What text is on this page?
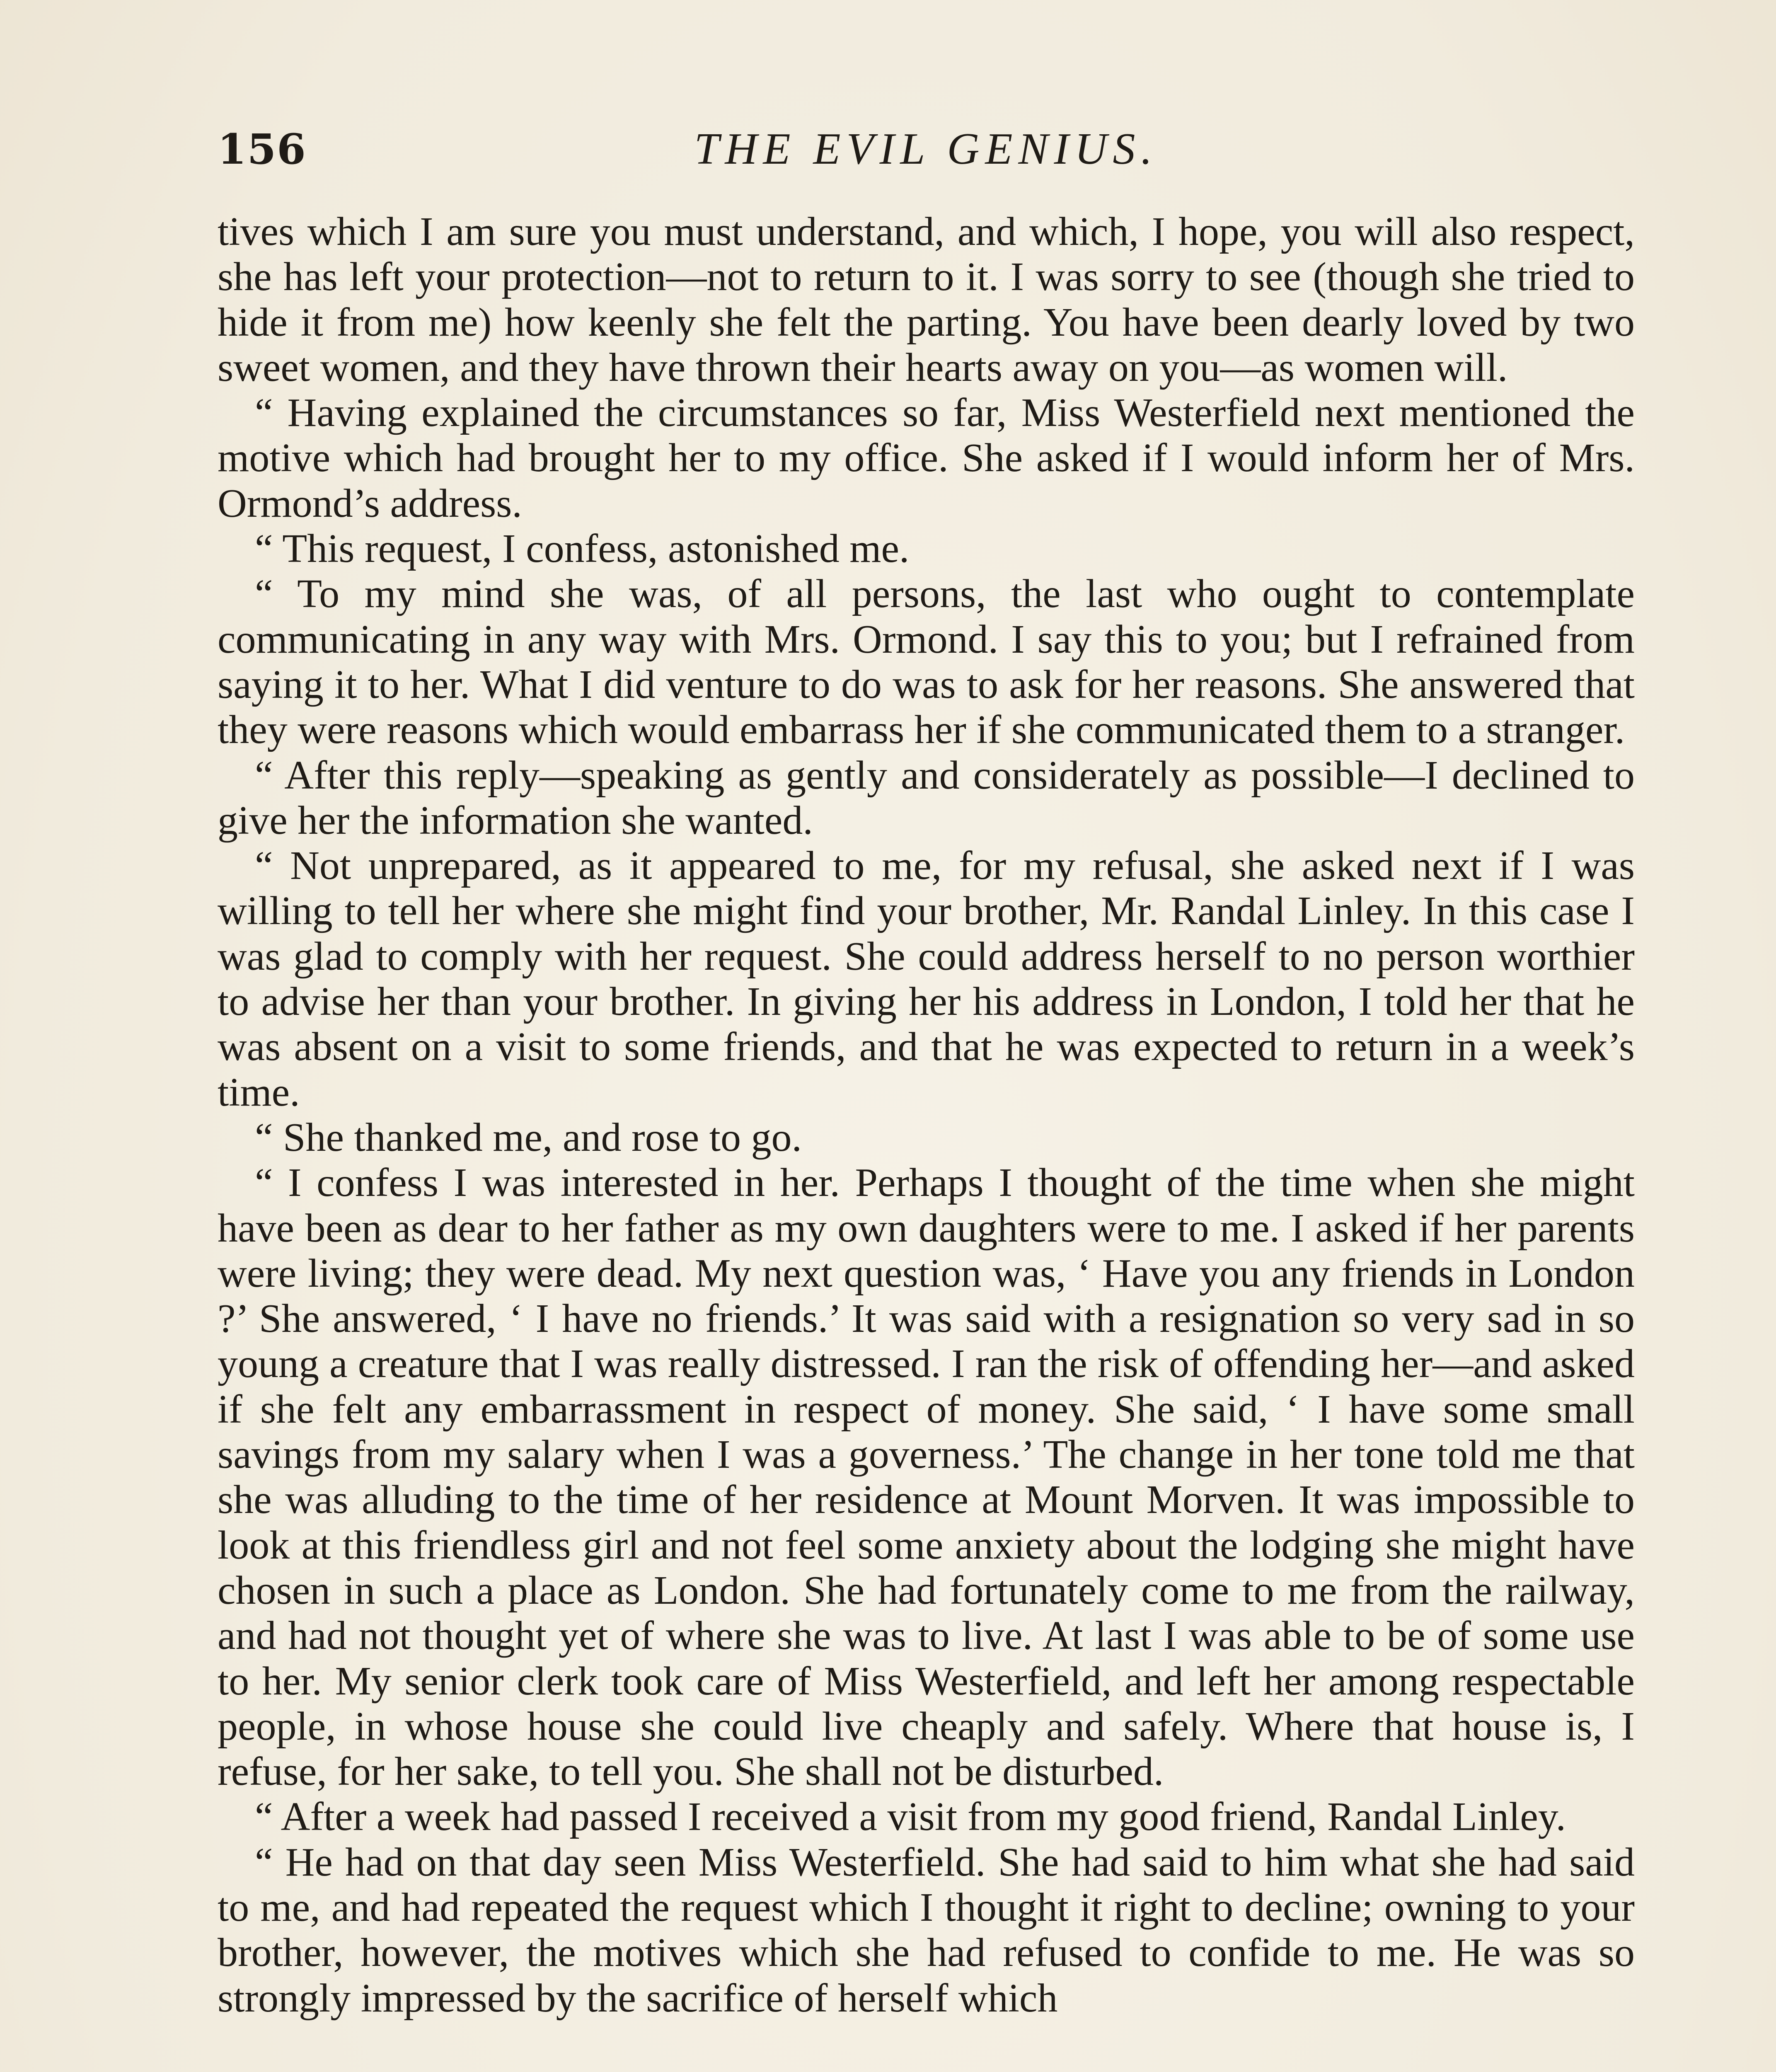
156	THE EVIL GENIUS.

tives which I am sure you must understand, and which, I hope, you will also respect, she has left your protection—not to return to it. I was sorry to see (though she tried to hide it from me) how keenly she felt the parting. You have been dearly loved by two sweet women, and they have thrown their hearts away on you—as women will.

“ Having explained the circumstances so far, Miss Westerfield next mentioned the motive which had brought her to my office. She asked if I would inform her of Mrs. Ormond’s address.

“ This request, I confess, astonished me.

“ To my mind she was, of all persons, the last who ought to contemplate communicating in any way with Mrs. Ormond. I say this to you; but I refrained from saying it to her. What I did venture to do was to ask for her reasons. She answered that they were reasons which would embarrass her if she communicated them to a stranger.

“ After this reply—speaking as gently and considerately as possible—I declined to give her the information she wanted.

“ Not unprepared, as it appeared to me, for my refusal, she asked next if I was willing to tell her where she might find your brother, Mr. Randal Linley. In this case I was glad to comply with her request. She could address herself to no person worthier to advise her than your brother. In giving her his address in London, I told her that he was absent on a visit to some friends, and that he was expected to return in a week’s time.

“ She thanked me, and rose to go.

“ I confess I was interested in her. Perhaps I thought of the time when she might have been as dear to her father as my own daughters were to me. I asked if her parents were living; they were dead. My next question was, ‘ Have you any friends in London ?’ She answered, ‘ I have no friends.’ It was said with a resignation so very sad in so young a creature that I was really distressed. I ran the risk of offending her—and asked if she felt any embarrassment in respect of money. She said, ‘ I have some small savings from my salary when I was a governess.’ The change in her tone told me that she was alluding to the time of her residence at Mount Morven. It was impossible to look at this friendless girl and not feel some anxiety about the lodging she might have chosen in such a place as London. She had fortunately come to me from the railway, and had not thought yet of where she was to live. At last I was able to be of some use to her. My senior clerk took care of Miss Westerfield, and left her among respectable people, in whose house she could live cheaply and safely. Where that house is, I refuse, for her sake, to tell you. She shall not be disturbed.

“ After a week had passed I received a visit from my good friend, Randal Linley.

“ He had on that day seen Miss Westerfield. She had said to him what she had said to me, and had repeated the request which I thought it right to decline; owning to your brother, however, the motives which she had refused to confide to me. He was so strongly impressed by the sacrifice of herself which
